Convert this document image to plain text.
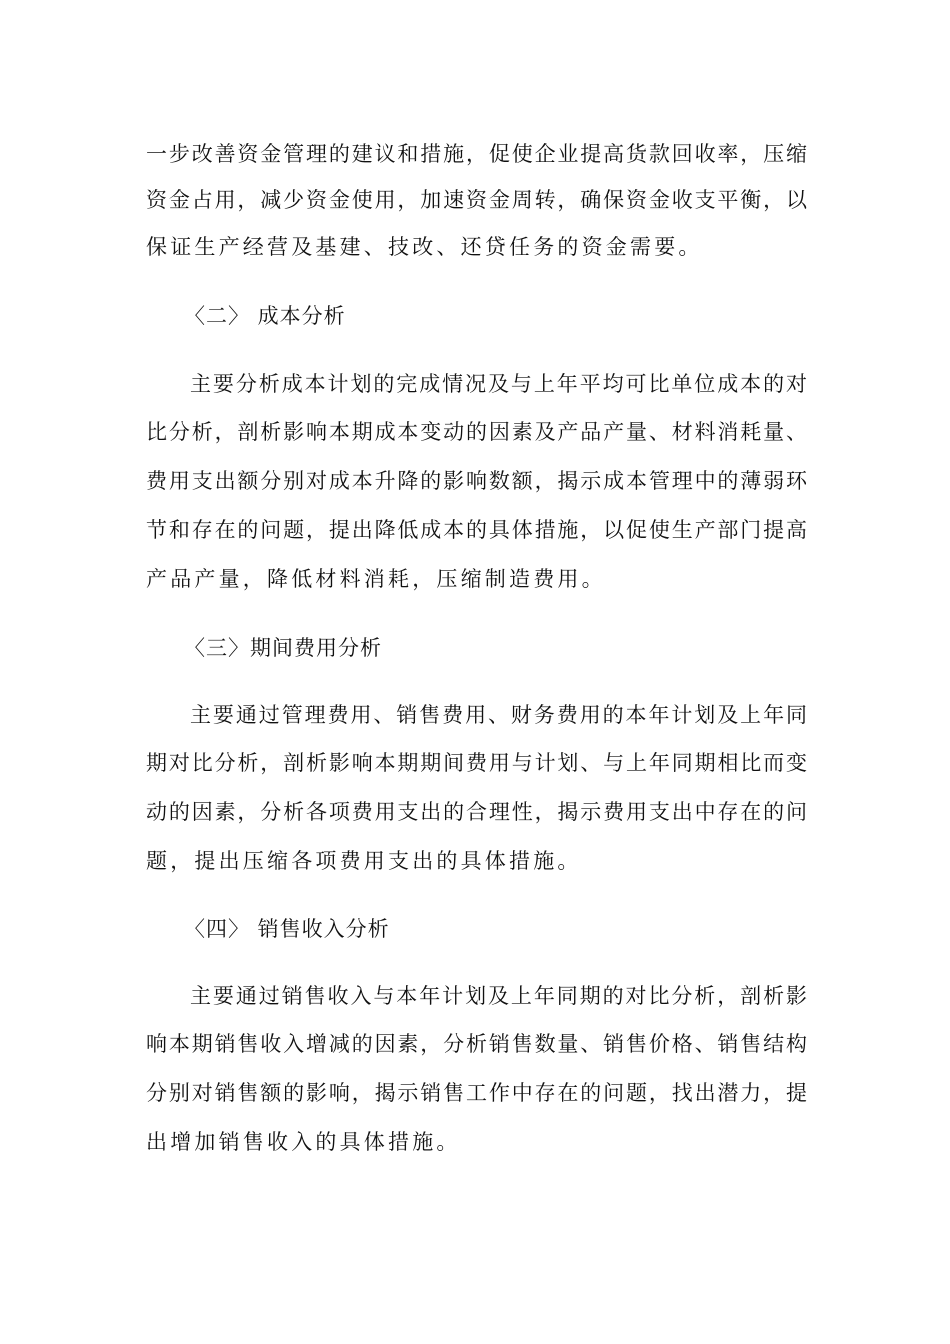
一步改善资金管理的建议和措施，促使企业提高货款回收率，压缩
资金占用，减少资金使用，加速资金周转，确保资金收支平衡，以
保证生产经营及基建、技改、还贷任务的资金需要。
〈二〉 成本分析
主要分析成本计划的完成情况及与上年平均可比单位成本的对
比分析，剖析影响本期成本变动的因素及产品产量、材料消耗量、
费用支出额分别对成本升降的影响数额，揭示成本管理中的薄弱环
节和存在的问题，提出降低成本的具体措施，以促使生产部门提高
产品产量，降低材料消耗，压缩制造费用。
〈三〉期间费用分析
主要通过管理费用、销售费用、财务费用的本年计划及上年同
期对比分析，剖析影响本期期间费用与计划、与上年同期相比而变
动的因素，分析各项费用支出的合理性，揭示费用支出中存在的问
题，提出压缩各项费用支出的具体措施。
〈四〉 销售收入分析
主要通过销售收入与本年计划及上年同期的对比分析，剖析影
响本期销售收入增减的因素，分析销售数量、销售价格、销售结构
分别对销售额的影响，揭示销售工作中存在的问题，找出潜力，提
出增加销售收入的具体措施。
